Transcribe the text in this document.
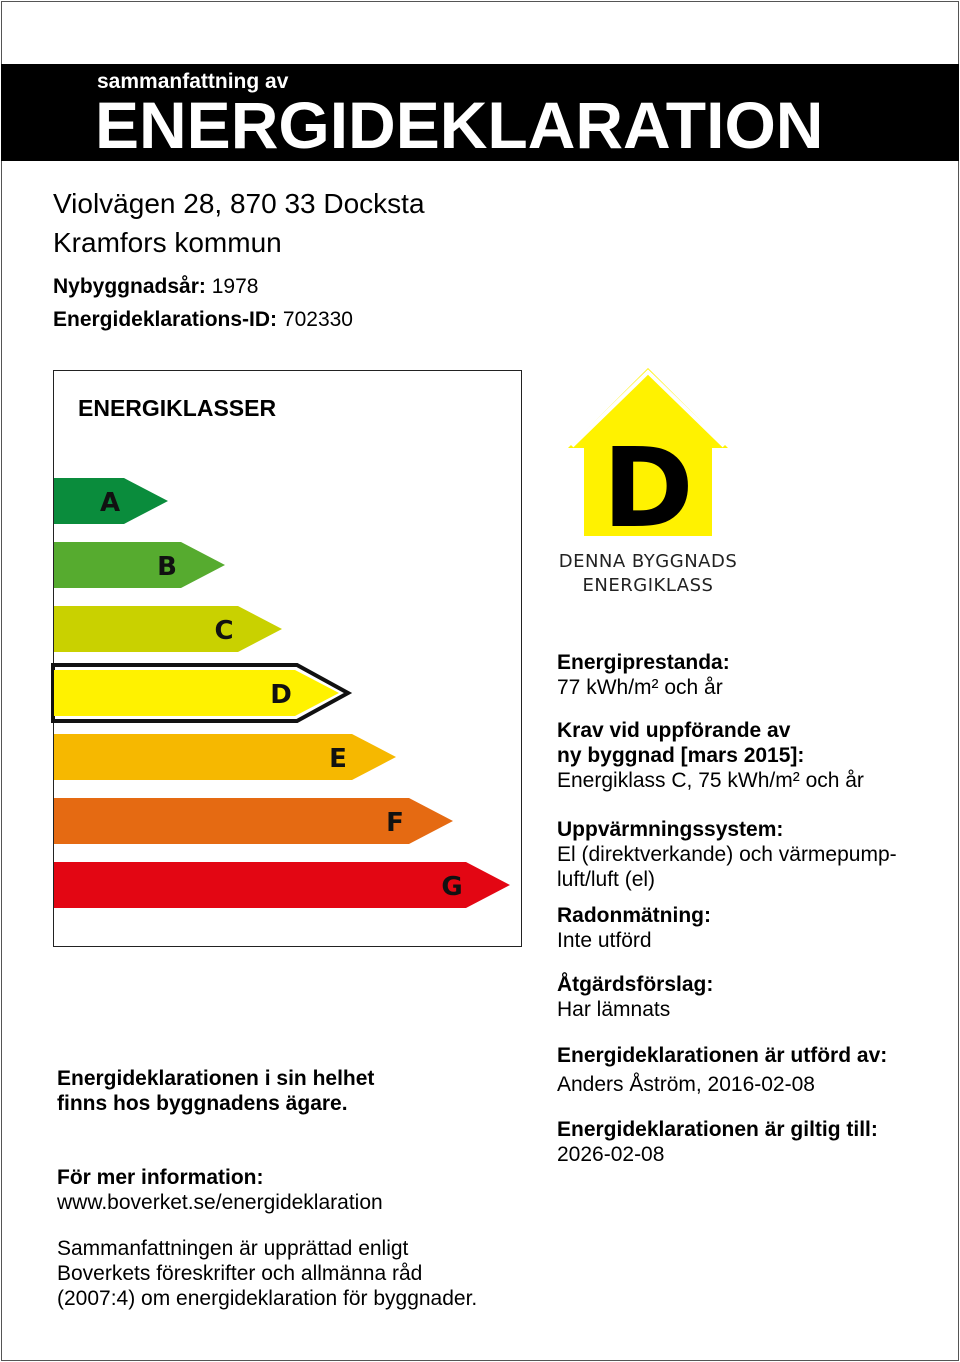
sammanfattning av
ENERGIDEKLARATION
Violvägen 28, 870 33 Docksta
Kramfors kommun
Nybyggnadsår: 1978
Energideklarations-ID: 702330
ENERGIKLASSER
A
B
C
D
E
F
G
D
DENNA BYGGNADS
ENERGIKLASS
Energiprestanda:
77 kWh/m² och år
Krav vid uppförande av
ny byggnad [mars 2015]:
Energiklass C, 75 kWh/m² och år
Uppvärmningssystem:
El (direktverkande) och värmepump-
luft/luft (el)
Radonmätning:
Inte utförd
Åtgärdsförslag:
Har lämnats
Energideklarationen är utförd av:
Anders Åström, 2016-02-08
Energideklarationen är giltig till:
2026-02-08
Energideklarationen i sin helhet
finns hos byggnadens ägare.
För mer information:
www.boverket.se/energideklaration
Sammanfattningen är upprättad enligt
Boverkets föreskrifter och allmänna råd
(2007:4) om energideklaration för byggnader.
